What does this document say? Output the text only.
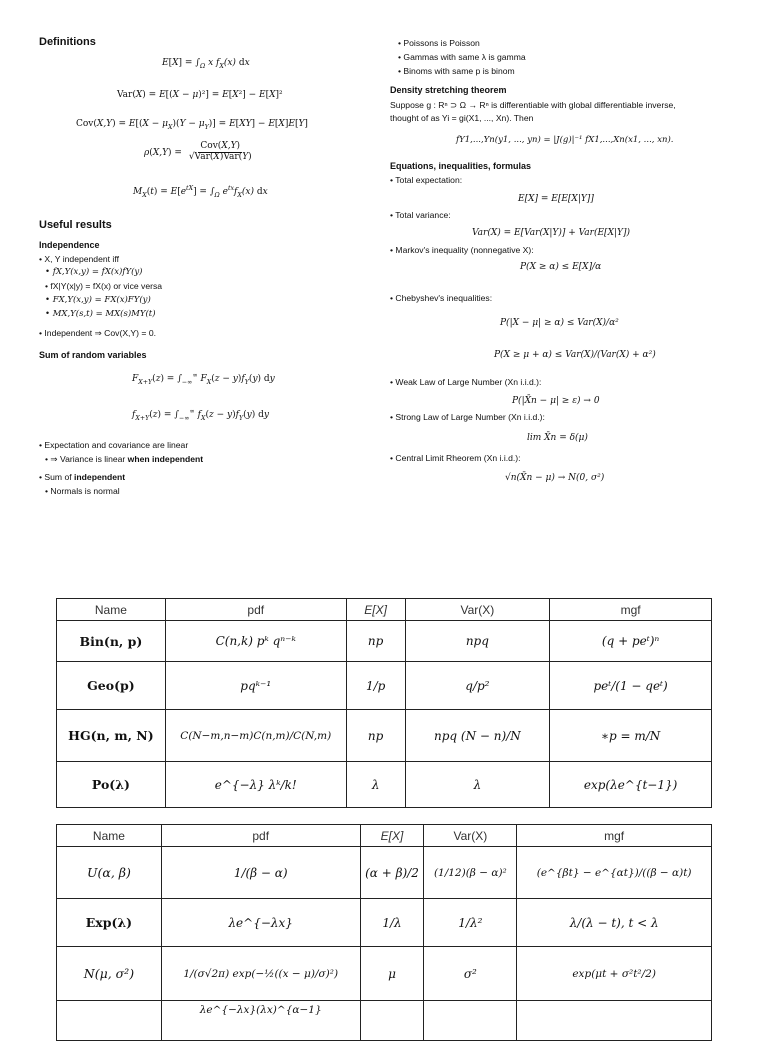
Definitions
$E[X] = \int_\Omega$ x $f_X(x)$ dx
Var(X) = E[(X − μ)²] = E[X²] − E[X]²
$Cov(X,Y) = E[(X - \mu_X)(Y - \mu_Y)] = E[XY] - E[X]E[Y]$
$\rho(X,Y) = \frac{\text{Cov(X,Y)}}{\text{√Var(X)Var(Y)}}$
$M_X(t) = E[e^{tX}] = \int_\Omega$ $e^{tx}f_X(x)$ dx
Useful results
Independence
• X, Y independent iff
• fX,Y(x,y) = fX(x)fY(y)
• fX|Y(x|y) = fX(x) or vice versa
• FX,Y(x,y) = FX(x)FY(y)
• MX,Y(s,t) = MX(s)MY(t)
• Independent ⇒ Cov(X,Y) = 0.
Sum of random variables
$F_{X+Y}(z) = \int_{-\infty}^\infty$ $F_X(z - y)f_Y(y)$ dy
$f_{X+Y}(z) = \int_{-\infty}^\infty$ $f_X(z - y)f_Y(y)$ dy
• Expectation and covariance are linear
• ⇒ Variance is linear when independent
• Sum of independent
• Normals is normal
• Poissons is Poisson
• Gammas with same λ is gamma
• Binoms with same p is binom
Density stretching theorem
Suppose g : Rⁿ ⊃ Ω → Rⁿ is differentiable with global differentiable inverse,
thought of as Yi = gi(X1, ..., Xn). Then
fY1,...,Yn(y1, ..., yn) = |J(g)|⁻¹ fX1,...,Xn(x1, ..., xn).
Equations, inequalities, formulas
• Total expectation:
E[X] = E[E[X|Y]]
• Total variance:
Var(X) = E[Var(X|Y)] + Var(E[X|Y])
• Markov's inequality (nonnegative X):
P(X ≥ α) ≤ E[X]/α
• Chebyshev's inequalities:
P(|X − μ| ≥ α) ≤ Var(X)/α²
P(X ≥ μ + α) ≤ Var(X)/(Var(X) + α²)
• Weak Law of Large Number (Xn i.i.d.):
P(|X̄n − μ| ≥ ε) → 0
• Strong Law of Large Number (Xn i.i.d.):
lim X̄n = δ(μ)
• Central Limit Rheorem (Xn i.i.d.):
√n(X̄n − μ) → N(0, σ²)
Name	pdf	E[X]	Var(X)	mgf
Bin(n, p)	C(n,k) pᵏ qⁿ⁻ᵏ	np	npq	(q + peᵗ)ⁿ
Geo(p)	pqᵏ⁻¹	1/p	q/p²	peᵗ/(1 − qeᵗ)
HG(n, m, N)	C(N−m,n−m)C(n,m)/C(N,m)	np	npq (N − n)/N	∗p = m/N
Po(λ)	e^{−λ} λᵏ/k!	λ	λ	exp(λe^{t−1})
Name	pdf	E[X]	Var(X)	mgf
U(α, β)	1/(β − α)	(α + β)/2	(1/12)(β − α)²	(e^{βt} − e^{αt})/((β − α)t)
Exp(λ)	λe^{−λx}	1/λ	1/λ²	λ/(λ − t), t < λ
N(μ, σ²)	1/(σ√2π) exp(−½((x − μ)/σ)²)	μ	σ²	exp(μt + σ²t²/2)
	λe^{−λx}(λx)^{α−1}			
